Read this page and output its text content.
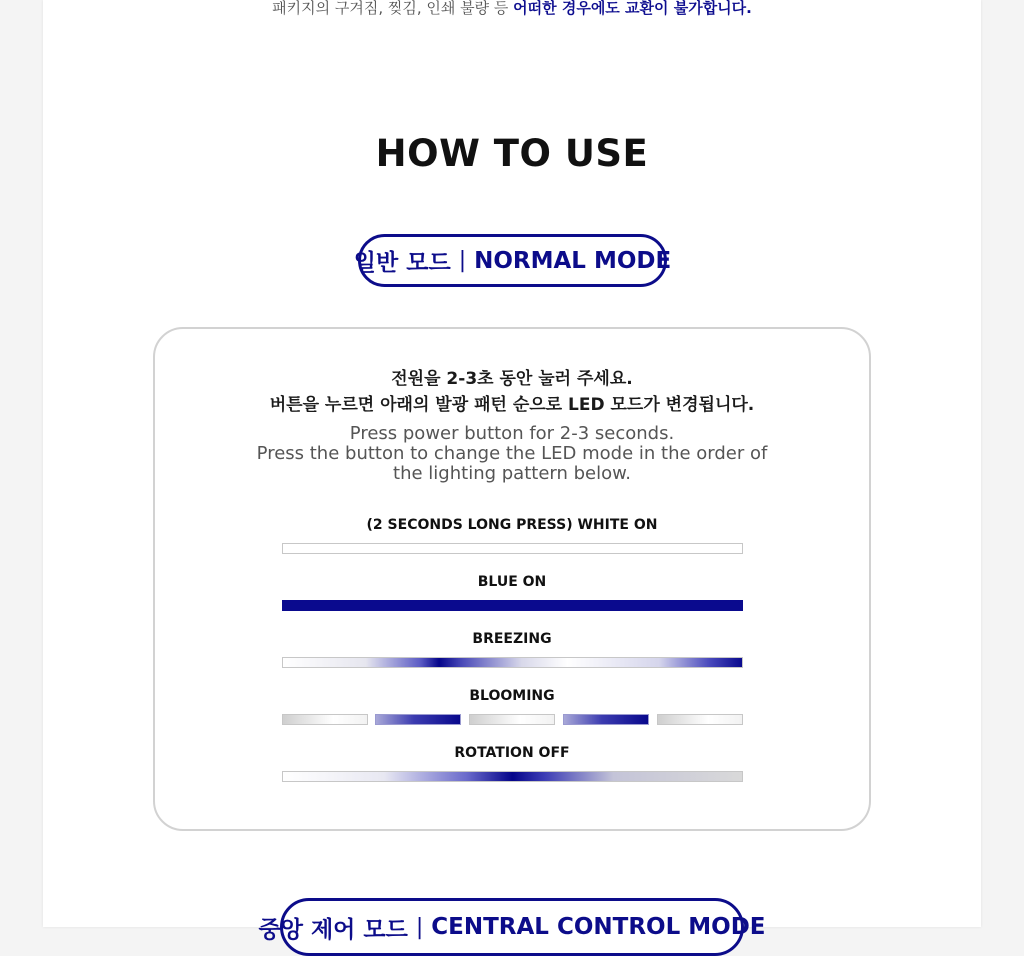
패키지의 구겨짐, 찢김, 인쇄 불량 등 어떠한 경우에도 교환이 불가합니다.
HOW TO USE
일반 모드 | NORMAL MODE
전원을 2-3초 동안 눌러 주세요.
버튼을 누르면 아래의 발광 패턴 순으로 LED 모드가 변경됩니다.
Press power button for 2-3 seconds.
Press the button to change the LED mode in the order of
the lighting pattern below.
(2 SECONDS LONG PRESS) WHITE ON
BLUE ON
BREEZING
BLOOMING
ROTATION OFF
중앙 제어 모드 | CENTRAL CONTROL MODE
